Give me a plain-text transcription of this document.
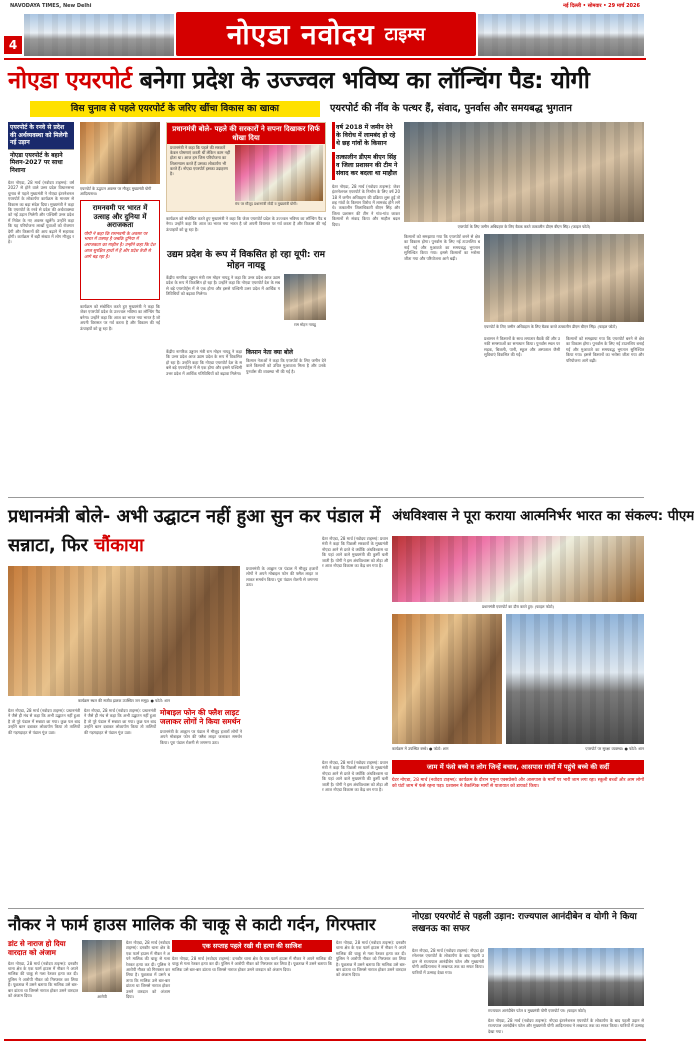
NAVODAYA TIMES, New Delhi	नई दिल्ली • सोमवार • 29 मार्च 2026
4	नोएडा नवोदय टाइम्स
नोएडा एयरपोर्ट बनेगा प्रदेश के उज्ज्वल भविष्य का लॉन्चिंग पैड: योगी
विस चुनाव से पहले एयरपोर्ट के जरिए खींचा विकास का खाका	एयरपोर्ट की नींव के पत्थर हैं, संवाद, पुनर्वास और समयबद्ध भुगतान
एयरपोर्ट के रनवे से प्रदेश की अर्थव्यवस्था को मिलेगी नई उड़ान
नोएडा एयरपोर्ट के बहाने मिशन-2027 पर साधा निशाना
ग्रेटर नोएडा, 28 मार्च (नवोदय टाइम्स): वर्ष 2027 से होने वाले उत्तर प्रदेश विधानसभा चुनाव से पहले मुख्यमंत्री ने नोएडा इंटरनेशनल एयरपोर्ट के लोकार्पण कार्यक्रम के माध्यम से विकास का बड़ा संदेश दिया। मुख्यमंत्री ने कहा कि एयरपोर्ट के रनवे से प्रदेश की अर्थव्यवस्था को नई उड़ान मिलेगी और पश्चिमी उत्तर प्रदेश में निवेश के नए अवसर खुलेंगे। उन्होंने कहा कि यह परियोजना लाखों युवाओं को रोजगार देगी और किसानों की आय बढ़ाने में सहायक होगी। कार्यक्रम में बड़ी संख्या में लोग मौजूद रहे।
एयरपोर्ट के उद्घाटन अवसर पर मौजूद मुख्यमंत्री योगी आदित्यनाथ।
रामनवमी पर भारत में उत्साह और दुनिया में अराजकता
योगी ने कहा कि रामनवमी के अवसर पर भारत में उत्साह है जबकि दुनिया में अराजकता का माहौल है। उन्होंने कहा कि देश आज सुरक्षित हाथों में है और प्रदेश तेजी से आगे बढ़ रहा है।
कार्यक्रम को संबोधित करते हुए मुख्यमंत्री ने कहा कि जेवर एयरपोर्ट प्रदेश के उज्ज्वल भविष्य का लॉन्चिंग पैड बनेगा। उन्होंने कहा कि आज का भारत नया भारत है जो अपनी विरासत पर गर्व करता है और विकास की नई ऊंचाइयों को छू रहा है।
प्रधानमंत्री बोले- पहले की सरकारों ने सपना दिखाकर सिर्फ धोखा दिया
प्रधानमंत्री ने कहा कि पहले की सरकारें केवल घोषणाएं करती थीं लेकिन काम नहीं होता था। आज हम जिस परियोजना का शिलान्यास करते हैं उसका लोकार्पण भी करते हैं। नोएडा एयरपोर्ट इसका उदाहरण है।
मंच पर मौजूद प्रधानमंत्री मोदी व मुख्यमंत्री योगी।
कार्यक्रम को संबोधित करते हुए मुख्यमंत्री ने कहा कि जेवर एयरपोर्ट प्रदेश के उज्ज्वल भविष्य का लॉन्चिंग पैड बनेगा। उन्होंने कहा कि आज का भारत नया भारत है जो अपनी विरासत पर गर्व करता है और विकास की नई ऊंचाइयों को छू रहा है।
उद्यम प्रदेश के रूप में विकसित हो रहा यूपी: राम मोहन नायडू
केंद्रीय नागरिक उड्डयन मंत्री राम मोहन नायडू ने कहा कि उत्तर प्रदेश आज उद्यम प्रदेश के रूप में विकसित हो रहा है। उन्होंने कहा कि नोएडा एयरपोर्ट देश के सबसे बड़े एयरपोर्ट्स में से एक होगा और इससे पश्चिमी उत्तर प्रदेश में आर्थिक गतिविधियों को बढ़ावा मिलेगा।
राम मोहन नायडू
केंद्रीय नागरिक उड्डयन मंत्री राम मोहन नायडू ने कहा कि उत्तर प्रदेश आज उद्यम प्रदेश के रूप में विकसित हो रहा है। उन्होंने कहा कि नोएडा एयरपोर्ट देश के सबसे बड़े एयरपोर्ट्स में से एक होगा और इससे पश्चिमी उत्तर प्रदेश में आर्थिक गतिविधियों को बढ़ावा मिलेगा।
किसान नेता क्या बोले
किसान नेताओं ने कहा कि एयरपोर्ट के लिए जमीन देने वाले किसानों को उचित मुआवजा मिला है और उनके पुनर्वास की व्यवस्था भी की गई है।
वर्ष 2018 में जमीन देने के विरोध में लामबंद हो रहे थे छह गांवों के किसान
तत्कालीन डीएम बीएन सिंह व जिला प्रशासन की टीम ने संवाद कर बदला था माहौल
ग्रेटर नोएडा, 28 मार्च (नवोदय टाइम्स): जेवर इंटरनेशनल एयरपोर्ट के निर्माण के लिए वर्ष 2018 में जमीन अधिग्रहण की प्रक्रिया शुरू हुई तो छह गांवों के किसान विरोध में लामबंद होने लगे थे। तत्कालीन जिलाधिकारी बीएन सिंह और जिला प्रशासन की टीम ने गांव-गांव जाकर किसानों से संवाद किया और माहौल बदल दिया।	एयरपोर्ट के लिए जमीन अधिग्रहण के लिए बैठक करते तत्कालीन डीएम बीएन सिंह। (फाइल फोटो)
किसानों को समझाया गया कि एयरपोर्ट बनने से क्षेत्र का विकास होगा। पुनर्वास के लिए नई टाउनशिप बनाई गई और मुआवजे का समयबद्ध भुगतान सुनिश्चित किया गया। इससे किसानों का भरोसा जीता गया और परियोजना आगे बढ़ी।
एयरपोर्ट के लिए जमीन अधिग्रहण के लिए बैठक करते तत्कालीन डीएम बीएन सिंह। (फाइल फोटो)
प्रशासन ने किसानों के साथ लगातार बैठकें कीं और उनकी समस्याओं का समाधान किया। पुनर्वास स्थल पर सड़क, बिजली, पानी, स्कूल और अस्पताल जैसी सुविधाएं विकसित की गईं।
किसानों को समझाया गया कि एयरपोर्ट बनने से क्षेत्र का विकास होगा। पुनर्वास के लिए नई टाउनशिप बनाई गई और मुआवजे का समयबद्ध भुगतान सुनिश्चित किया गया। इससे किसानों का भरोसा जीता गया और परियोजना आगे बढ़ी।
प्रधानमंत्री बोले- अभी उद्घाटन नहीं हुआ सुन कर पंडाल में सन्नाटा, फिर चौंकाया
कार्यक्रम स्थल की सजीव झलक उपस्थित जन समूह। ● फोटो: शान
ग्रेटर नोएडा, 28 मार्च (नवोदय टाइम्स): प्रधानमंत्री ने जैसे ही मंच से कहा कि अभी उद्घाटन नहीं हुआ है तो पूरे पंडाल में सन्नाटा छा गया। कुछ पल बाद उन्होंने बटन दबाकर लोकार्पण किया तो तालियों की गड़गड़ाहट से पंडाल गूंज उठा।
ग्रेटर नोएडा, 28 मार्च (नवोदय टाइम्स): प्रधानमंत्री ने जैसे ही मंच से कहा कि अभी उद्घाटन नहीं हुआ है तो पूरे पंडाल में सन्नाटा छा गया। कुछ पल बाद उन्होंने बटन दबाकर लोकार्पण किया तो तालियों की गड़गड़ाहट से पंडाल गूंज उठा।
मोबाइल फोन की फ्लैश लाइट जलाकर लोगों ने किया समर्थन
प्रधानमंत्री के आह्वान पर पंडाल में मौजूद हजारों लोगों ने अपने मोबाइल फोन की फ्लैश लाइट जलाकर समर्थन किया। पूरा पंडाल रोशनी से जगमगा उठा।
प्रधानमंत्री के आह्वान पर पंडाल में मौजूद हजारों लोगों ने अपने मोबाइल फोन की फ्लैश लाइट जलाकर समर्थन किया। पूरा पंडाल रोशनी से जगमगा उठा।
अंधविश्वास ने पूरा कराया आत्मनिर्भर भारत का संकल्प: पीएम
ग्रेटर नोएडा, 28 मार्च (नवोदय टाइम्स): प्रधानमंत्री ने कहा कि पिछली सरकारों के मुख्यमंत्री नोएडा आने से डरते थे क्योंकि अंधविश्वास था कि यहां आने वाले मुख्यमंत्री की कुर्सी चली जाती है। योगी ने इस अंधविश्वास को तोड़ा और आज नोएडा विकास का केंद्र बन गया है।
प्रधानमंत्री एयरपोर्ट का दौरा करते हुए। (फाइल फोटो)
कार्यक्रम में उपस्थित बच्चे। ● फोटो: शान	एयरपोर्ट पर सुरक्षा व्यवस्था। ● फोटो: शान
ग्रेटर नोएडा, 28 मार्च (नवोदय टाइम्स): प्रधानमंत्री ने कहा कि पिछली सरकारों के मुख्यमंत्री नोएडा आने से डरते थे क्योंकि अंधविश्वास था कि यहां आने वाले मुख्यमंत्री की कुर्सी चली जाती है। योगी ने इस अंधविश्वास को तोड़ा और आज नोएडा विकास का केंद्र बन गया है।
जाम में फंसे बच्चे व लोग जिन्हें बचाव, आसपास गांवों में पहुंचे बच्चे की सर्दी
ग्रेटर नोएडा, 28 मार्च (नवोदय टाइम्स): कार्यक्रम के दौरान यमुना एक्सप्रेसवे और आसपास के मार्गों पर भारी जाम लगा रहा। स्कूली बच्चों और आम लोगों को घंटों जाम में फंसे रहना पड़ा। प्रशासन ने वैकल्पिक मार्गों से यातायात को डायवर्ट किया।
नौकर ने फार्म हाउस मालिक की चाकू से काटी गर्दन, गिरफ्तार
डांट से नाराज हो दिया वारदात को अंजाम
ग्रेटर नोएडा, 28 मार्च (नवोदय टाइम्स): दनकौर थाना क्षेत्र के एक फार्म हाउस में नौकर ने अपने मालिक की चाकू से गला रेतकर हत्या कर दी। पुलिस ने आरोपी नौकर को गिरफ्तार कर लिया है। पूछताछ में उसने बताया कि मालिक उसे बार-बार डांटता था जिससे नाराज होकर उसने वारदात को अंजाम दिया।	आरोपी
ग्रेटर नोएडा, 28 मार्च (नवोदय टाइम्स): दनकौर थाना क्षेत्र के एक फार्म हाउस में नौकर ने अपने मालिक की चाकू से गला रेतकर हत्या कर दी। पुलिस ने आरोपी नौकर को गिरफ्तार कर लिया है। पूछताछ में उसने बताया कि मालिक उसे बार-बार डांटता था जिससे नाराज होकर उसने वारदात को अंजाम दिया।
एक सप्ताह पहले रखी थी हत्या की साजिश
ग्रेटर नोएडा, 28 मार्च (नवोदय टाइम्स): दनकौर थाना क्षेत्र के एक फार्म हाउस में नौकर ने अपने मालिक की चाकू से गला रेतकर हत्या कर दी। पुलिस ने आरोपी नौकर को गिरफ्तार कर लिया है। पूछताछ में उसने बताया कि मालिक उसे बार-बार डांटता था जिससे नाराज होकर उसने वारदात को अंजाम दिया।
ग्रेटर नोएडा, 28 मार्च (नवोदय टाइम्स): दनकौर थाना क्षेत्र के एक फार्म हाउस में नौकर ने अपने मालिक की चाकू से गला रेतकर हत्या कर दी। पुलिस ने आरोपी नौकर को गिरफ्तार कर लिया है। पूछताछ में उसने बताया कि मालिक उसे बार-बार डांटता था जिससे नाराज होकर उसने वारदात को अंजाम दिया।
नोएडा एयरपोर्ट से पहली उड़ान: राज्यपाल आनंदीबेन व योगी ने किया लखनऊ का सफर
ग्रेटर नोएडा, 28 मार्च (नवोदय टाइम्स): नोएडा इंटरनेशनल एयरपोर्ट के लोकार्पण के बाद पहली उड़ान से राज्यपाल आनंदीबेन पटेल और मुख्यमंत्री योगी आदित्यनाथ ने लखनऊ तक का सफर किया। यात्रियों में उत्साह देखा गया।
राज्यपाल आनंदीबेन पटेल व मुख्यमंत्री योगी एयरपोर्ट पर। (फाइल फोटो)
ग्रेटर नोएडा, 28 मार्च (नवोदय टाइम्स): नोएडा इंटरनेशनल एयरपोर्ट के लोकार्पण के बाद पहली उड़ान से राज्यपाल आनंदीबेन पटेल और मुख्यमंत्री योगी आदित्यनाथ ने लखनऊ तक का सफर किया। यात्रियों में उत्साह देखा गया।
